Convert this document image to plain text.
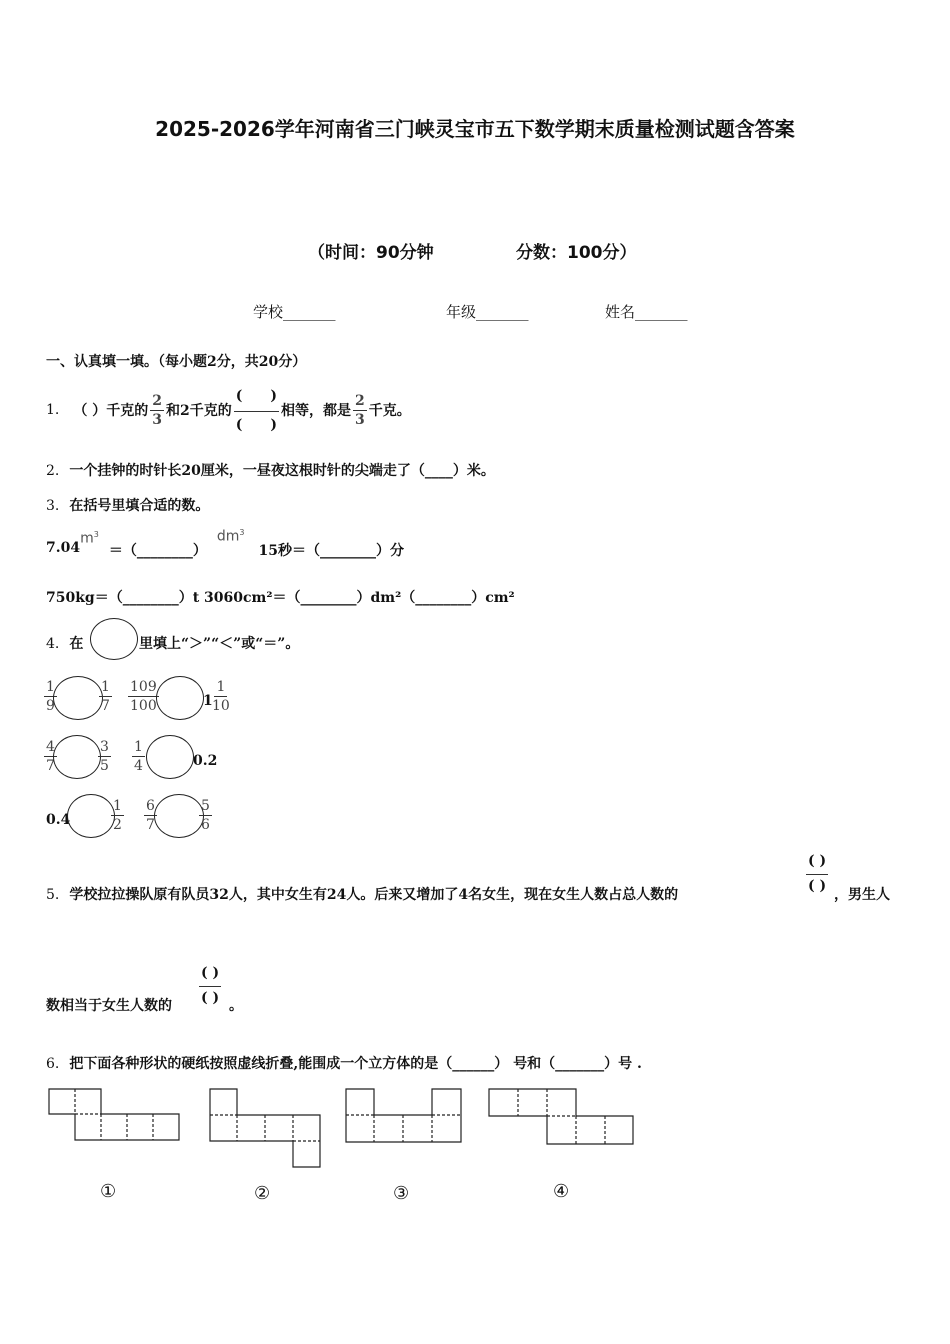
2025-2026学年河南省三门峡灵宝市五下数学期末质量检测试题含答案
（时间：90分钟	分数：100分）
学校_______	年级_______	姓名_______
一、认真填一填。（每小题2分，共20分）
1. （ ）千克的 $\frac{2}{3}$ 和2千克的 $\frac{( )}{( )}$ 相等，都是 $\frac{2}{3}$ 千克。
2. 一个挂钟的时针长20厘米，一昼夜这根时针的尖端走了（____）米。
3. 在括号里填合适的数。
7.04
$m^3$
＝（________）
$dm^3$
15秒＝（________）分
750kg＝（________）t 3060cm²＝（________）dm²（________）cm²
4. 在	里填上“＞”“＜”或“＝”。
$\frac{1}{9}$	$\frac{1}{7} \frac{109}{100}$	1
$\frac{1}{10}$
$\frac{4}{7}$	$\frac{3}{5} \frac{1}{4}$	0.2
0.4	$\frac{1}{2} \frac{6}{7}$	$\frac{5}{6}$
5. 学校拉拉操队原有队员32人，其中女生有24人。后来又增加了4名女生，现在女生人数占总人数的
$\frac{( )}{( )}$
，男生人
数相当于女生人数的
$\frac{( )}{( )}$
。
6. 把下面各种形状的硬纸按照虚线折叠,能围成一个立方体的是（______） 号和（_______）号 .
①	②	③	④
